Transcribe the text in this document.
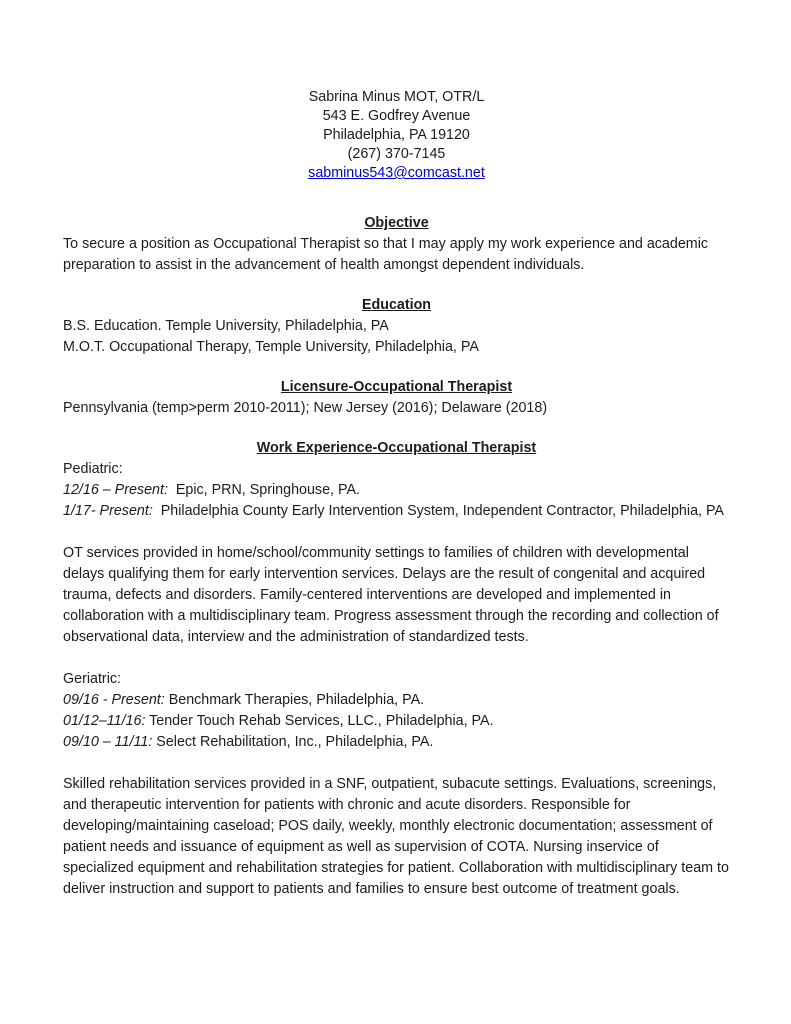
Sabrina Minus MOT, OTR/L
543 E. Godfrey Avenue
Philadelphia, PA 19120
(267) 370-7145
sabminus543@comcast.net
Objective

To secure a position as Occupational Therapist so that I may apply my work experience and academic preparation to assist in the advancement of health amongst dependent individuals.

Education
B.S. Education. Temple University, Philadelphia, PA
M.O.T. Occupational Therapy, Temple University, Philadelphia, PA
Licensure-Occupational Therapist
Pennsylvania (temp>perm 2010-2011); New Jersey (2016); Delaware (2018)
Work Experience-Occupational Therapist
Pediatric:
12/16 – Present:  Epic, PRN, Springhouse, PA.
1/17- Present:  Philadelphia County Early Intervention System, Independent Contractor, Philadelphia, PA

OT services provided in home/school/community settings to families of children with developmental delays qualifying them for early intervention services. Delays are the result of congenital and acquired trauma, defects and disorders. Family-centered interventions are developed and implemented in collaboration with a multidisciplinary team. Progress assessment through the recording and collection of observational data, interview and the administration of standardized tests.

Geriatric:
09/16 - Present: Benchmark Therapies, Philadelphia, PA.
01/12–11/16: Tender Touch Rehab Services, LLC., Philadelphia, PA.
09/10 – 11/11: Select Rehabilitation, Inc., Philadelphia, PA.

Skilled rehabilitation services provided in a SNF, outpatient, subacute settings. Evaluations, screenings, and therapeutic intervention for patients with chronic and acute disorders. Responsible for developing/maintaining caseload; POS daily, weekly, monthly electronic documentation; assessment of patient needs and issuance of equipment as well as supervision of COTA. Nursing inservice of specialized equipment and rehabilitation strategies for patient. Collaboration with multidisciplinary team to deliver instruction and support to patients and families to ensure best outcome of treatment goals.
